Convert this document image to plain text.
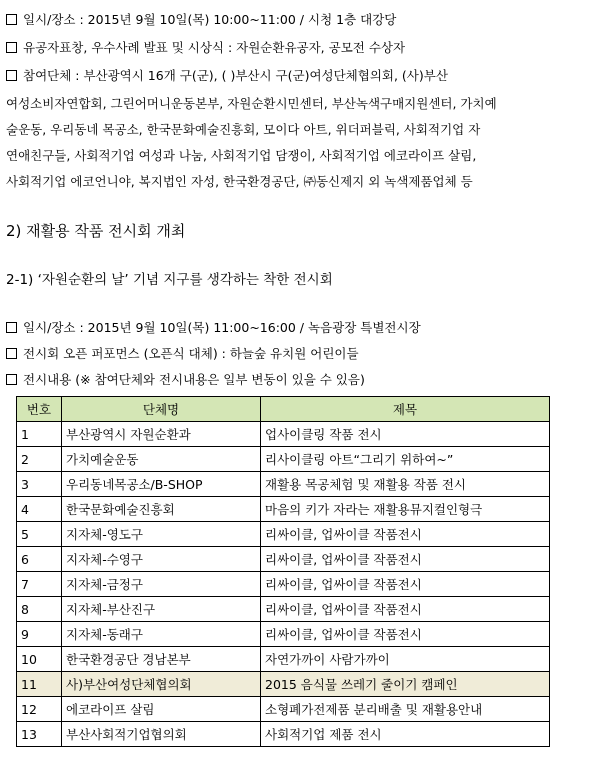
일시/장소 : 2015년 9월 10일(목) 10:00~11:00 / 시청 1층 대강당
유공자표창, 우수사례 발표 및 시상식 : 자원순환유공자, 공모전 수상자
참여단체 : 부산광역시 16개 구(군), ( )부산시 구(군)여성단체협의회, (사)부산
여성소비자연합회, 그린어머니운동본부, 자원순환시민센터, 부산녹색구매지원센터, 가치예
술운동, 우리동네 목공소, 한국문화예술진흥회, 모이다 아트, 위더퍼블릭, 사회적기업 자
연애친구들, 사회적기업 여성과 나눔, 사회적기업 담쟁이, 사회적기업 에코라이프 살림,
사회적기업 에코언니야, 복지법인 자성, 한국환경공단, ㈜동신제지 외 녹색제품업체 등
2) 재활용 작품 전시회 개최
2-1) ‘자원순환의 날’ 기념 지구를 생각하는 착한 전시회
일시/장소 : 2015년 9월 10일(목) 11:00~16:00 / 녹음광장 특별전시장
전시회 오픈 퍼포먼스 (오픈식 대체) : 하늘숲 유치원 어린이들
전시내용 (※ 참여단체와 전시내용은 일부 변동이 있을 수 있음)
번호	단체명	제목
1	부산광역시 자원순환과	업사이클링 작품 전시
2	가치예술운동	리사이클링 아트“그리기 위하여~”
3	우리동네목공소/B-SHOP	재활용 목공체험 및 재활용 작품 전시
4	한국문화예술진흥회	마음의 키가 자라는 재활용뮤지컬인형극
5	지자체-영도구	리싸이클, 업싸이클 작품전시
6	지자체-수영구	리싸이클, 업싸이클 작품전시
7	지자체-금정구	리싸이클, 업싸이클 작품전시
8	지자체-부산진구	리싸이클, 업싸이클 작품전시
9	지자체-동래구	리싸이클, 업싸이클 작품전시
10	한국환경공단 경남본부	자연가까이 사람가까이
11	사)부산여성단체협의회	2015 음식물 쓰레기 줄이기 캠페인
12	에코라이프 살림	소형폐가전제품 분리배출 및 재활용안내
13	부산사회적기업협의회	사회적기업 제품 전시
